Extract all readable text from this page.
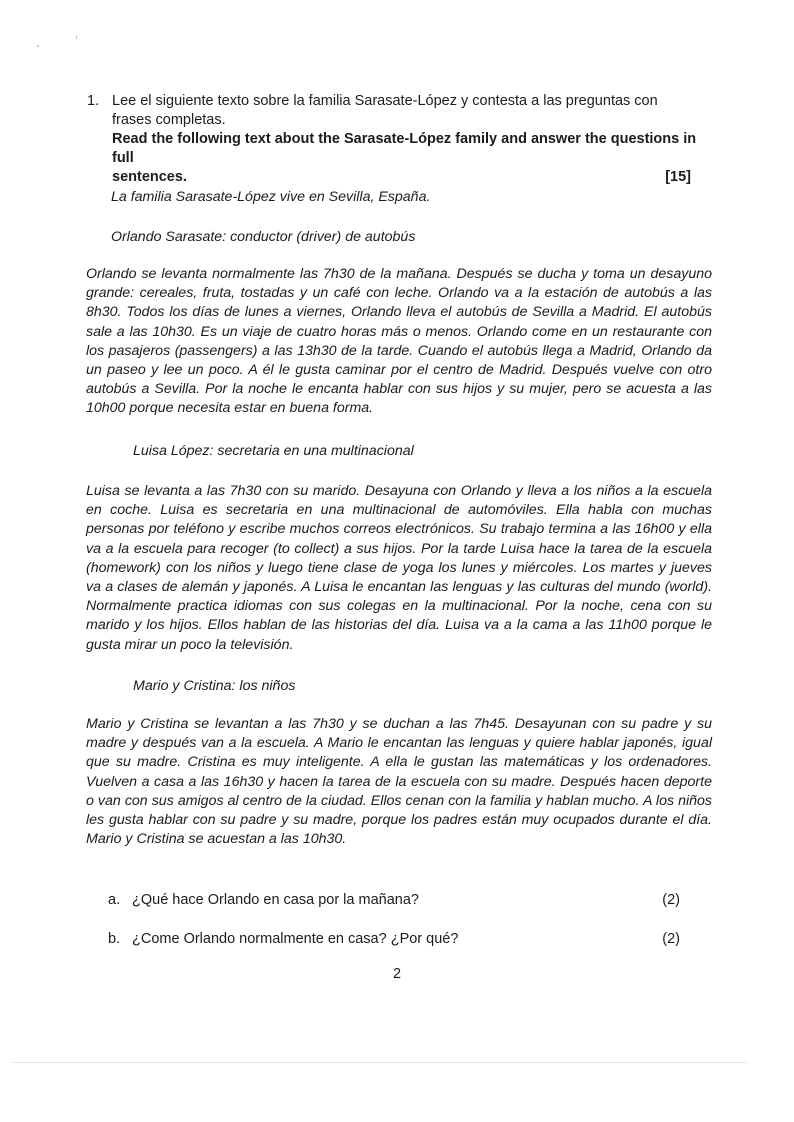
1. Lee el siguiente texto sobre la familia Sarasate-López y contesta a las preguntas con frases completas.
Read the following text about the Sarasate-López family and answer the questions in full
sentences.	[15]
La familia Sarasate-López vive en Sevilla, España.
Orlando Sarasate: conductor (driver) de autobús
Orlando se levanta normalmente las 7h30 de la mañana. Después se ducha y toma un desayuno grande: cereales, fruta, tostadas y un café con leche. Orlando va a la estación de autobús a las 8h30. Todos los días de lunes a viernes, Orlando lleva el autobús de Sevilla a Madrid. El autobús sale a las 10h30. Es un viaje de cuatro horas más o menos. Orlando come en un restaurante con los pasajeros (passengers) a las 13h30 de la tarde. Cuando el autobús llega a Madrid, Orlando da un paseo y lee un poco. A él le gusta caminar por el centro de Madrid. Después vuelve con otro autobús a Sevilla. Por la noche le encanta hablar con sus hijos y su mujer, pero se acuesta a las 10h00 porque necesita estar en buena forma.
Luisa López: secretaria en una multinacional
Luisa se levanta a las 7h30 con su marido. Desayuna con Orlando y lleva a los niños a la escuela en coche. Luisa es secretaria en una multinacional de automóviles. Ella habla con muchas personas por teléfono y escribe muchos correos electrónicos. Su trabajo termina a las 16h00 y ella va a la escuela para recoger (to collect) a sus hijos. Por la tarde Luisa hace la tarea de la escuela (homework) con los niños y luego tiene clase de yoga los lunes y miércoles. Los martes y jueves va a clases de alemán y japonés. A Luisa le encantan las lenguas y las culturas del mundo (world). Normalmente practica idiomas con sus colegas en la multinacional. Por la noche, cena con su marido y los hijos. Ellos hablan de las historias del día. Luisa va a la cama a las 11h00 porque le gusta mirar un poco la televisión.
Mario y Cristina: los niños
Mario y Cristina se levantan a las 7h30 y se duchan a las 7h45. Desayunan con su padre y su madre y después van a la escuela. A Mario le encantan las lenguas y quiere hablar japonés, igual que su madre. Cristina es muy inteligente. A ella le gustan las matemáticas y los ordenadores. Vuelven a casa a las 16h30 y hacen la tarea de la escuela con su madre. Después hacen deporte o van con sus amigos al centro de la ciudad. Ellos cenan con la familia y hablan mucho. A los niños les gusta hablar con su padre y su madre, porque los padres están muy ocupados durante el día. Mario y Cristina se acuestan a las 10h30.
a. ¿Qué hace Orlando en casa por la mañana?	(2)
b. ¿Come Orlando normalmente en casa? ¿Por qué?	(2)
2
